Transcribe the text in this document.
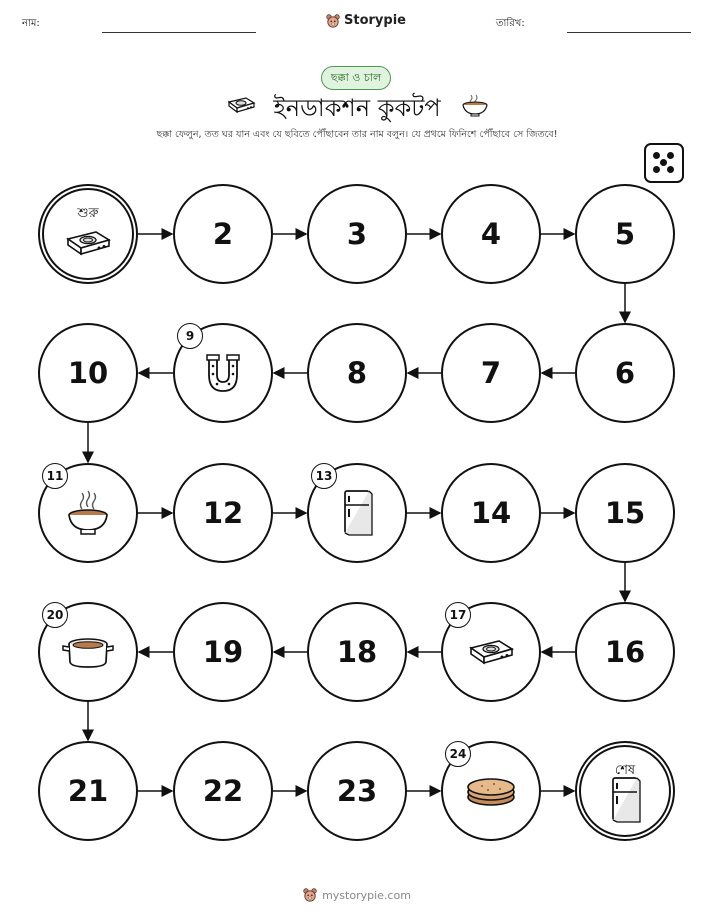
নাম:	Storypie	তারিখ:
ছক্কা ও চাল
ইনডাকশন কুকটপ
ছক্কা ফেলুন, তত ঘর যান এবং যে ছবিতে পৌঁছাবেন তার নাম বলুন। যে প্রথমে ফিনিশে পৌঁছাবে সে জিতবে!
শুরু
2	3	4	5
6
7
8
9
10
11
12
13
14	15
16
17
18
19
20
21	22	23
24
শেষ
mystorypie.com
